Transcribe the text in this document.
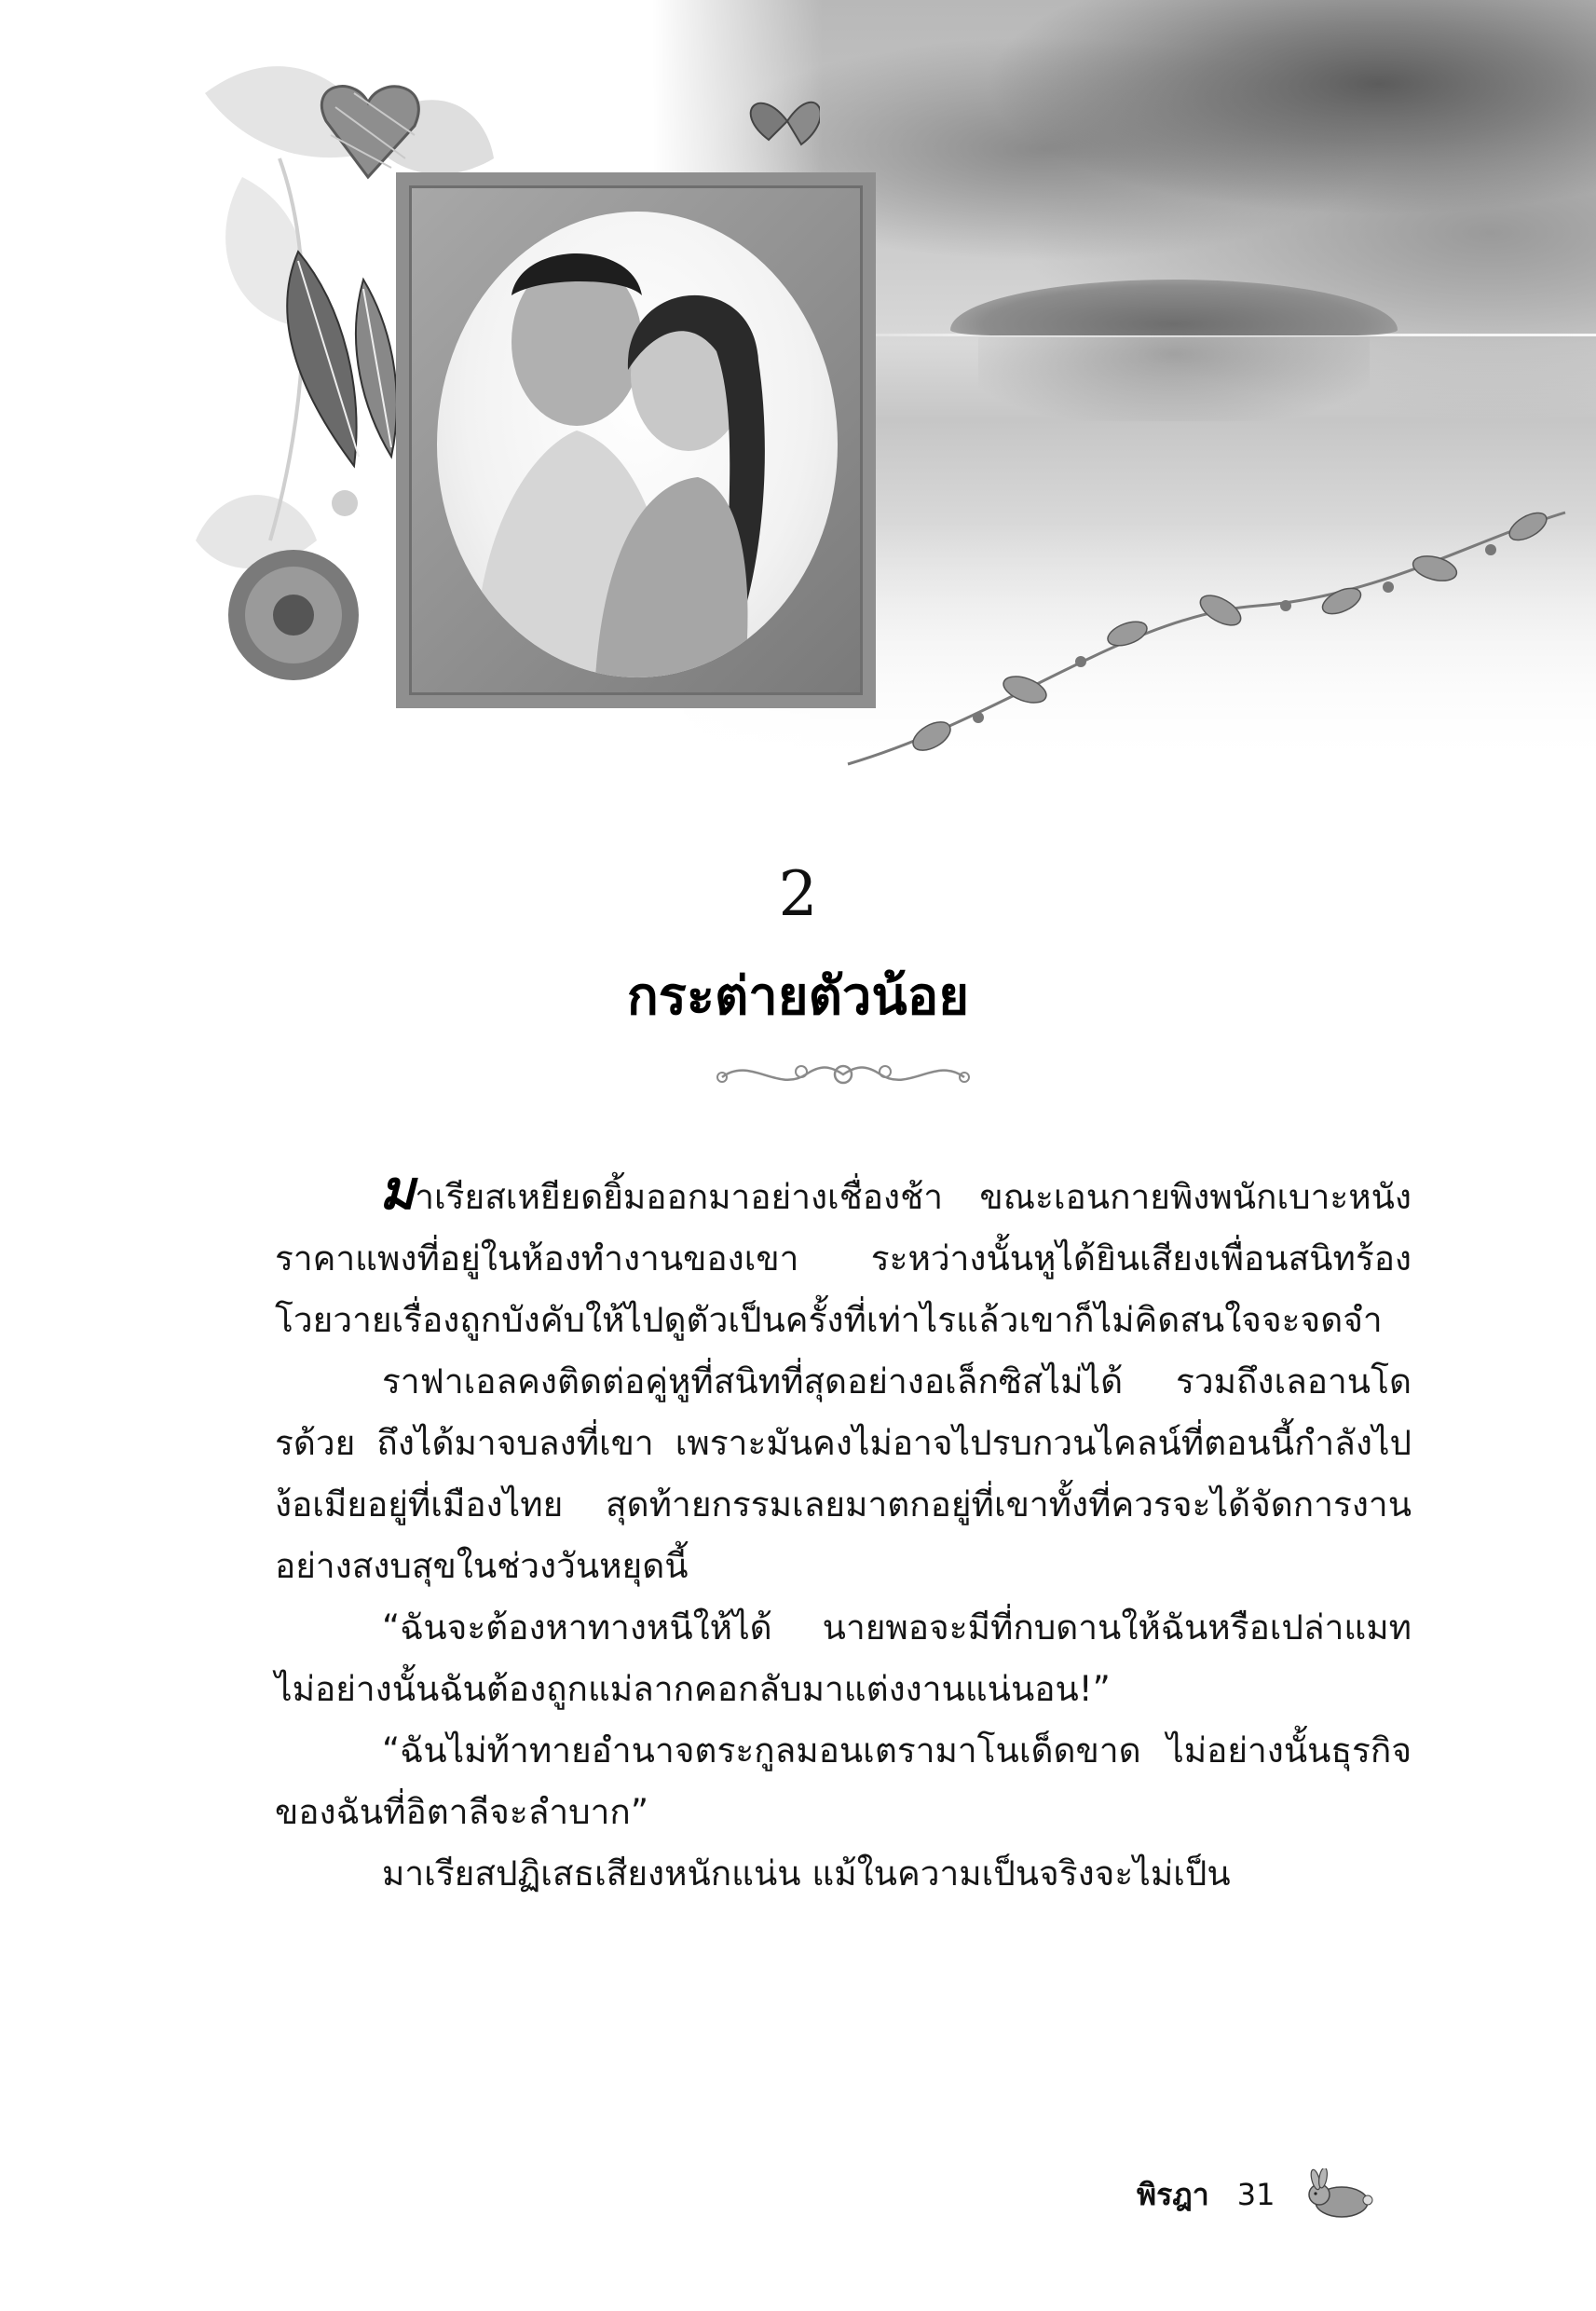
2
กระต่ายตัวน้อย

มาเรียสเหยียดยิ้มออกมาอย่างเชื่องช้า ขณะเอนกายพิงพนักเบาะหนังราคาแพงที่อยู่ในห้องทำงานของเขา ระหว่างนั้นหูได้ยินเสียงเพื่อนสนิทร้องโวยวายเรื่องถูกบังคับให้ไปดูตัวเป็นครั้งที่เท่าไรแล้วเขาก็ไม่คิดสนใจจะจดจำ

ราฟาเอลคงติดต่อคู่หูที่สนิทที่สุดอย่างอเล็กซิสไม่ได้ รวมถึงเลอานโดรด้วย ถึงได้มาจบลงที่เขา เพราะมันคงไม่อาจไปรบกวนไคลน์ที่ตอนนี้กำลังไปง้อเมียอยู่ที่เมืองไทย สุดท้ายกรรมเลยมาตกอยู่ที่เขาทั้งที่ควรจะได้จัดการงานอย่างสงบสุขในช่วงวันหยุดนี้

“ฉันจะต้องหาทางหนีให้ได้ นายพอจะมีที่กบดานให้ฉันหรือเปล่าแมท ไม่อย่างนั้นฉันต้องถูกแม่ลากคอกลับมาแต่งงานแน่นอน!”

“ฉันไม่ท้าทายอำนาจตระกูลมอนเตรามาโนเด็ดขาด ไม่อย่างนั้นธุรกิจของฉันที่อิตาลีจะลำบาก”

มาเรียสปฏิเสธเสียงหนักแน่น แม้ในความเป็นจริงจะไม่เป็น

พิรฎา 31
